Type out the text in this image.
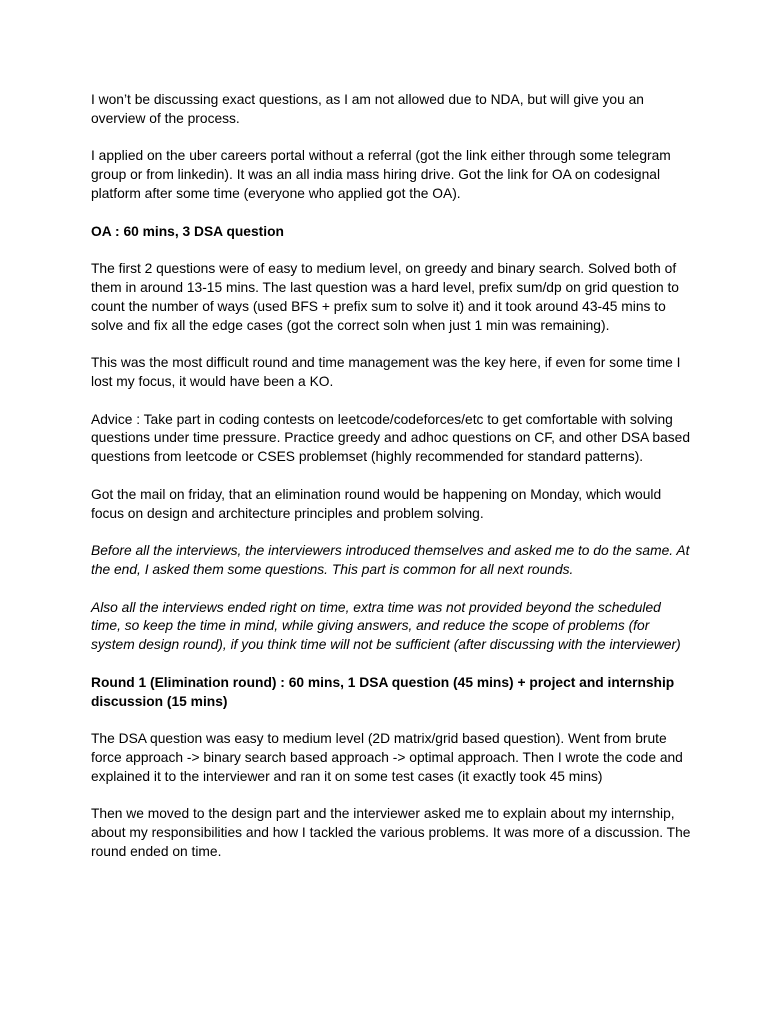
I won’t be discussing exact questions, as I am not allowed due to NDA, but will give you an overview of the process.

I applied on the uber careers portal without a referral (got the link either through some telegram group or from linkedin). It was an all india mass hiring drive. Got the link for OA on codesignal platform after some time (everyone who applied got the OA).

OA : 60 mins, 3 DSA question

The first 2 questions were of easy to medium level, on greedy and binary search. Solved both of them in around 13-15 mins. The last question was a hard level, prefix sum/dp on grid question to count the number of ways (used BFS + prefix sum to solve it) and it took around 43-45 mins to solve and fix all the edge cases (got the correct soln when just 1 min was remaining).

This was the most difficult round and time management was the key here, if even for some time I lost my focus, it would have been a KO.

Advice : Take part in coding contests on leetcode/codeforces/etc to get comfortable with solving questions under time pressure. Practice greedy and adhoc questions on CF, and other DSA based questions from leetcode or CSES problemset (highly recommended for standard patterns).

Got the mail on friday, that an elimination round would be happening on Monday, which would focus on design and architecture principles and problem solving.

Before all the interviews, the interviewers introduced themselves and asked me to do the same. At the end, I asked them some questions. This part is common for all next rounds.

Also all the interviews ended right on time, extra time was not provided beyond the scheduled time, so keep the time in mind, while giving answers, and reduce the scope of problems (for system design round), if you think time will not be sufficient (after discussing with the interviewer)

Round 1 (Elimination round) : 60 mins, 1 DSA question (45 mins) + project and internship discussion (15 mins)

The DSA question was easy to medium level (2D matrix/grid based question). Went from brute force approach -> binary search based approach -> optimal approach. Then I wrote the code and explained it to the interviewer and ran it on some test cases (it exactly took 45 mins)

Then we moved to the design part and the interviewer asked me to explain about my internship, about my responsibilities and how I tackled the various problems. It was more of a discussion. The round ended on time.
